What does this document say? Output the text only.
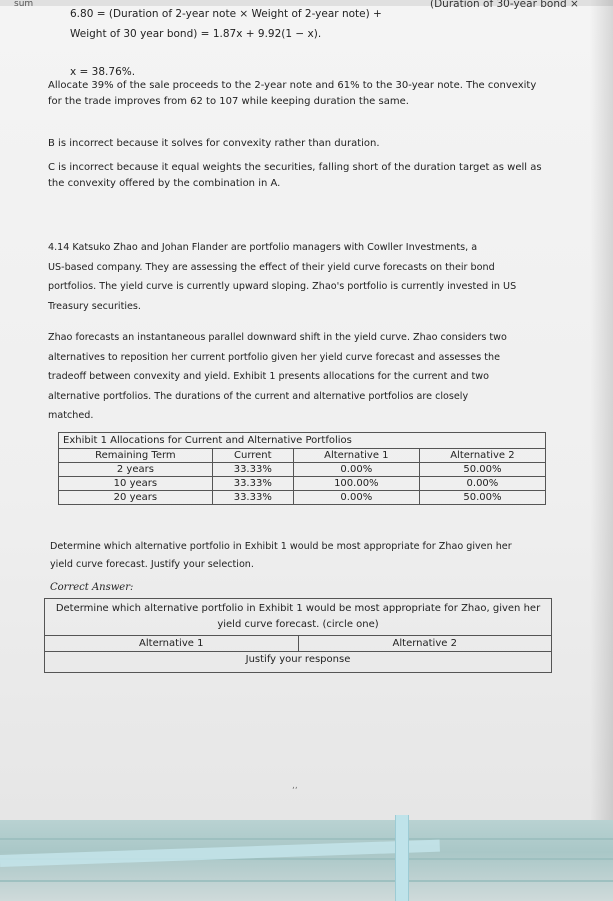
sum	(Duration of 30-year bond ×
6.80 = (Duration of 2-year note × Weight of 2-year note) +
Weight of 30 year bond) = 1.87x + 9.92(1 − x).
x = 38.76%.
Allocate 39% of the sale proceeds to the 2-year note and 61% to the 30-year note. The convexity
for the trade improves from 62 to 107 while keeping duration the same.
B is incorrect because it solves for convexity rather than duration.
C is incorrect because it equal weights the securities, falling short of the duration target as well as
the convexity offered by the combination in A.
4.14 Katsuko Zhao and Johan Flander are portfolio managers with Cowller Investments, a
US-based company. They are assessing the effect of their yield curve forecasts on their bond
portfolios. The yield curve is currently upward sloping. Zhao's portfolio is currently invested in US
Treasury securities.
Zhao forecasts an instantaneous parallel downward shift in the yield curve. Zhao considers two
alternatives to reposition her current portfolio given her yield curve forecast and assesses the
tradeoff between convexity and yield. Exhibit 1 presents allocations for the current and two
alternative portfolios. The durations of the current and alternative portfolios are closely
matched.
Exhibit 1 Allocations for Current and Alternative Portfolios
Remaining Term	Current	Alternative 1	Alternative 2
2 years	33.33%	0.00%	50.00%
10 years	33.33%	100.00%	0.00%
20 years	33.33%	0.00%	50.00%
Determine which alternative portfolio in Exhibit 1 would be most appropriate for Zhao given her
yield curve forecast. Justify your selection.
Correct Answer:
Determine which alternative portfolio in Exhibit 1 would be most appropriate for Zhao, given her
yield curve forecast. (circle one)
Alternative 1	Alternative 2
Justify your response
,,
